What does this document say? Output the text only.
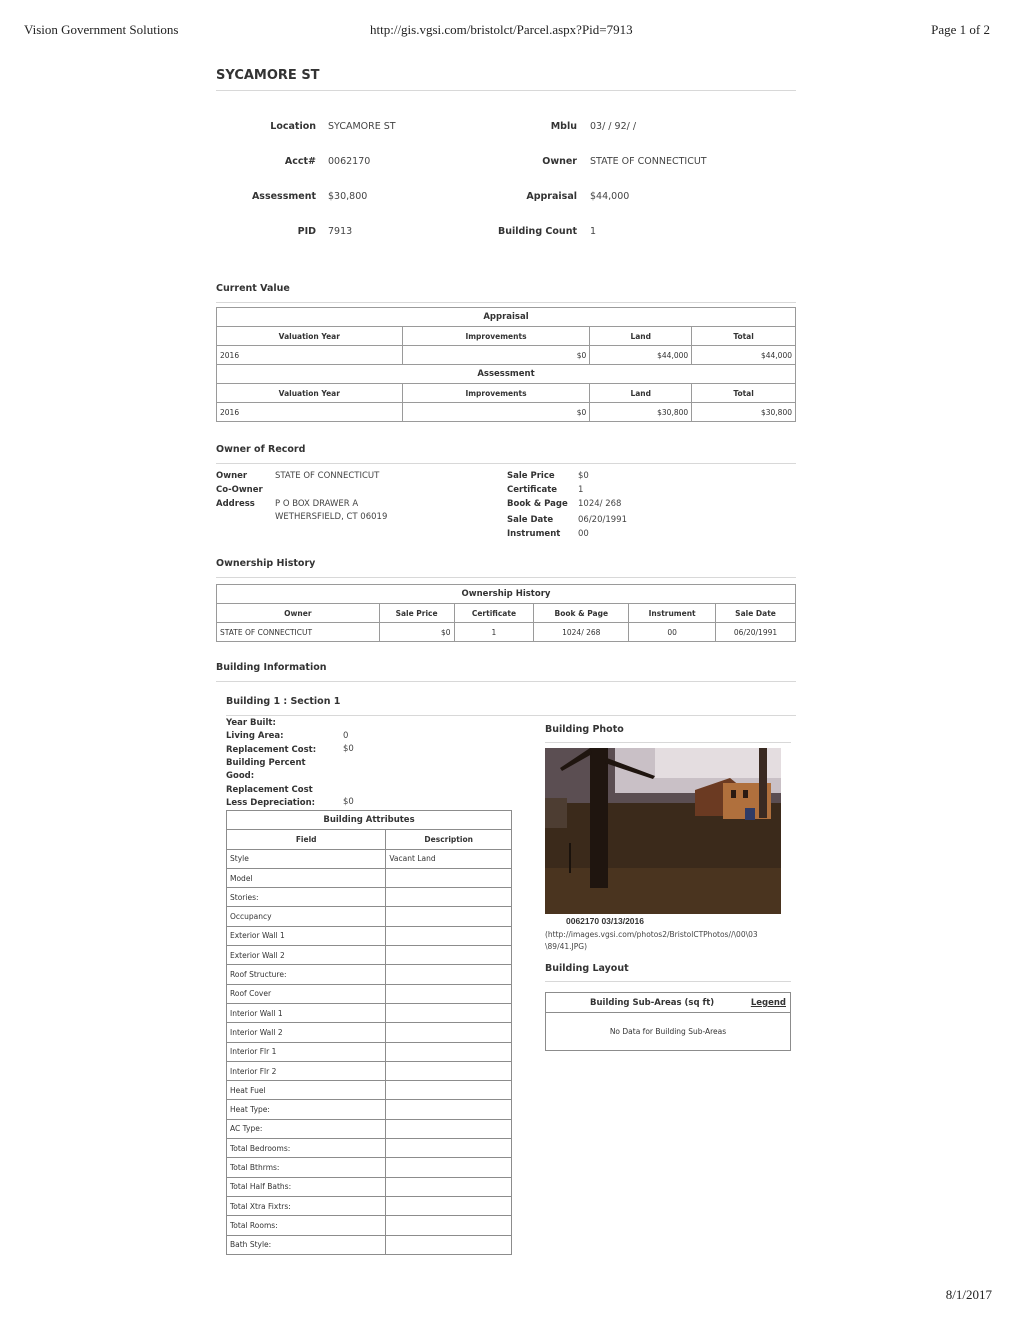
Vision Government Solutions	http://gis.vgsi.com/bristolct/Parcel.aspx?Pid=7913	Page 1 of 2
8/1/2017
SYCAMORE ST
Location SYCAMORE ST	Mblu 03/ / 92/ /
Acct# 0062170	Owner STATE OF CONNECTICUT
Assessment $30,800	Appraisal $44,000
PID 7913	Building Count 1
Current Value
Appraisal			
Valuation Year	Improvements	Land	Total
2016	$0	$44,000	$44,000
Assessment			
Valuation Year	Improvements	Land	Total
2016	$0	$30,800	$30,800
Owner of Record
Owner	STATE OF CONNECTICUT
Co-Owner
Address P O BOX DRAWER A
WETHERSFIELD, CT 06019
Sale Price	$0
Certificate 1
Book & Page 1024/ 268
Sale Date	06/20/1991
Instrument 00
Ownership History
Ownership History					
Owner	Sale Price	Certificate	Book & Page	Instrument	Sale Date
STATE OF CONNECTICUT	$0	1	1024/ 268	00	06/20/1991
Building Information
Building 1 : Section 1
Year Built:
Living Area:	0
Replacement Cost:	$0
Building Percent
Good:
Replacement Cost
Less Depreciation:	$0
Building Attributes	
Field	Description
Style	Vacant Land
Model	
Stories:	
Occupancy	
Exterior Wall 1	
Exterior Wall 2	
Roof Structure:	
Roof Cover	
Interior Wall 1	
Interior Wall 2	
Interior Flr 1	
Interior Flr 2	
Heat Fuel	
Heat Type:	
AC Type:	
Total Bedrooms:	
Total Bthrms:	
Total Half Baths:	
Total Xtra Fixtrs:	
Total Rooms:	
Bath Style:	
Building Photo
0062170 03/13/2016
(http://images.vgsi.com/photos2/BristolCTPhotos//\00\03
\89/41.JPG)
Building Layout
Building Sub-Areas (sq ft)	Legend
No Data for Building Sub-Areas
